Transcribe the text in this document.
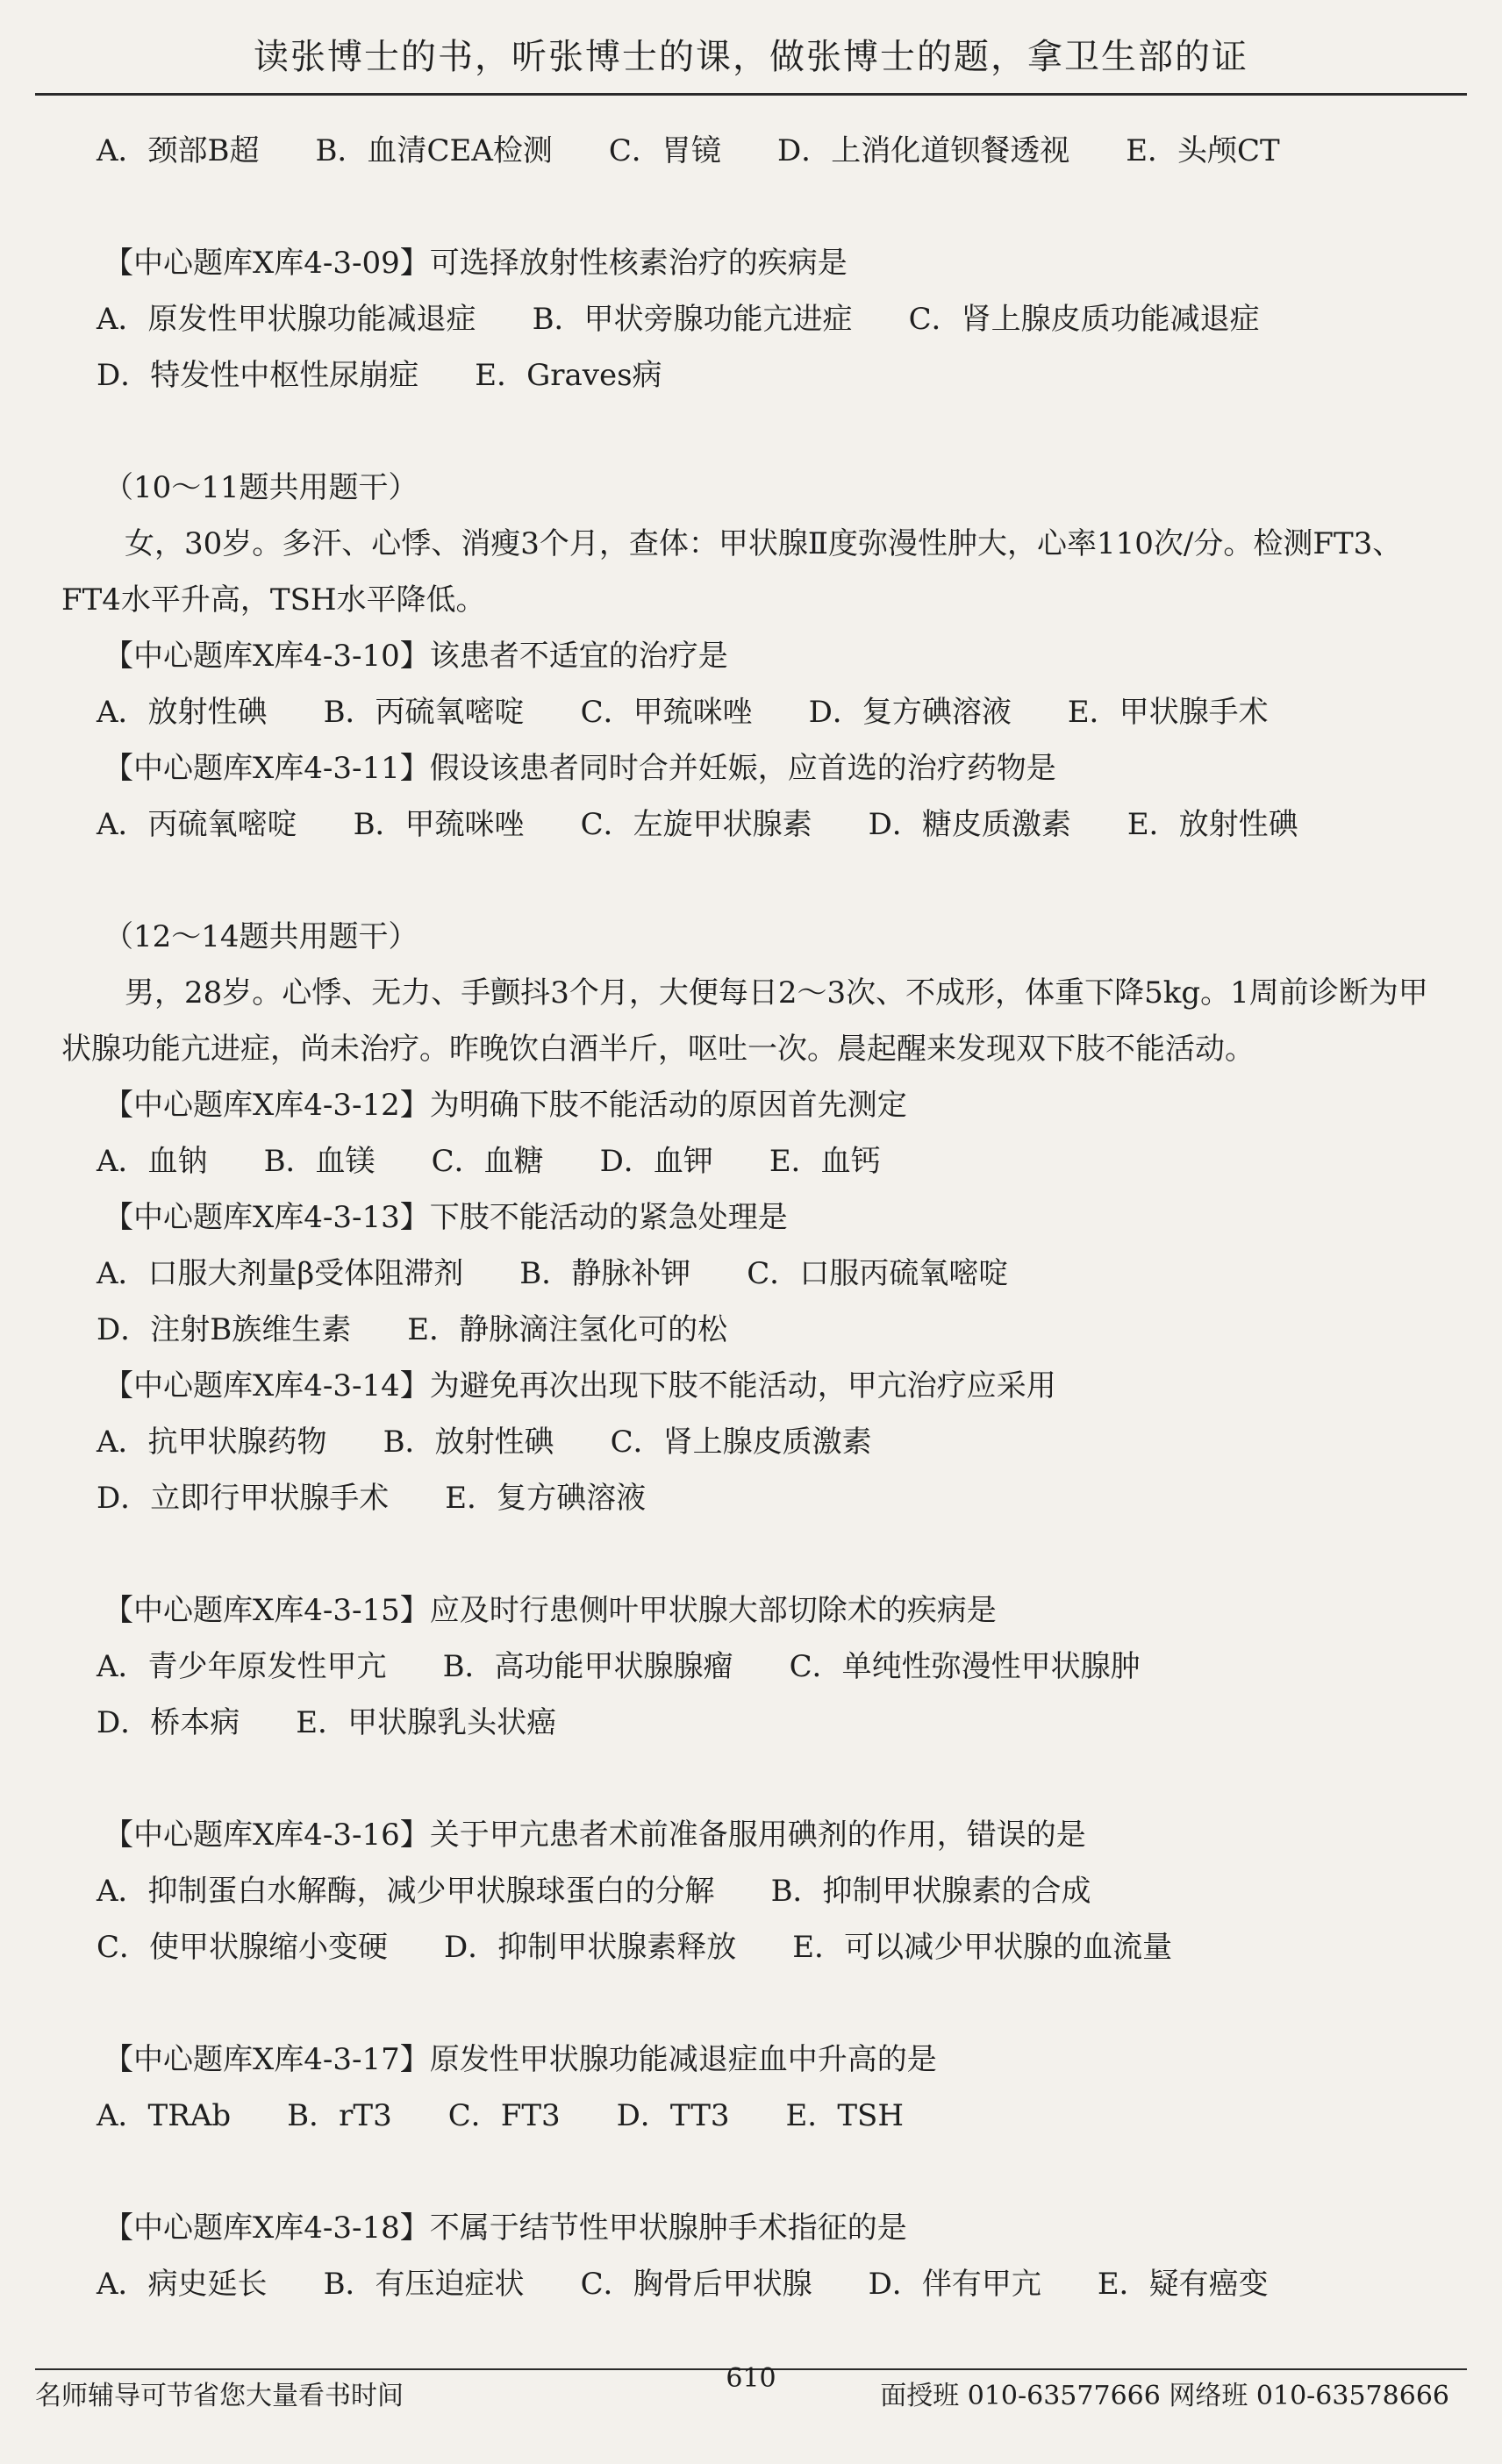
读张博士的书，听张博士的课，做张博士的题，拿卫生部的证
A．颈部B超 B．血清CEA检测 C．胃镜 D．上消化道钡餐透视 E．头颅CT
【中心题库X库4-3-09】可选择放射性核素治疗的疾病是
A．原发性甲状腺功能减退症 B．甲状旁腺功能亢进症 C．肾上腺皮质功能减退症
D．特发性中枢性尿崩症 E．Graves病
（10～11题共用题干）
女，30岁。多汗、心悸、消瘦3个月，查体：甲状腺Ⅱ度弥漫性肿大，心率110次/分。检测FT3、FT4水平升高，TSH水平降低。
【中心题库X库4-3-10】该患者不适宜的治疗是
A．放射性碘 B．丙硫氧嘧啶 C．甲巯咪唑 D．复方碘溶液 E．甲状腺手术
【中心题库X库4-3-11】假设该患者同时合并妊娠，应首选的治疗药物是
A．丙硫氧嘧啶 B．甲巯咪唑 C．左旋甲状腺素 D．糖皮质激素 E．放射性碘
（12～14题共用题干）
男，28岁。心悸、无力、手颤抖3个月，大便每日2～3次、不成形，体重下降5kg。1周前诊断为甲状腺功能亢进症，尚未治疗。昨晚饮白酒半斤，呕吐一次。晨起醒来发现双下肢不能活动。
【中心题库X库4-3-12】为明确下肢不能活动的原因首先测定
A．血钠 B．血镁 C．血糖 D．血钾 E．血钙
【中心题库X库4-3-13】下肢不能活动的紧急处理是
A．口服大剂量β受体阻滞剂 B．静脉补钾 C．口服丙硫氧嘧啶
D．注射B族维生素 E．静脉滴注氢化可的松
【中心题库X库4-3-14】为避免再次出现下肢不能活动，甲亢治疗应采用
A．抗甲状腺药物 B．放射性碘 C．肾上腺皮质激素
D．立即行甲状腺手术 E．复方碘溶液
【中心题库X库4-3-15】应及时行患侧叶甲状腺大部切除术的疾病是
A．青少年原发性甲亢 B．高功能甲状腺腺瘤 C．单纯性弥漫性甲状腺肿
D．桥本病 E．甲状腺乳头状癌
【中心题库X库4-3-16】关于甲亢患者术前准备服用碘剂的作用，错误的是
A．抑制蛋白水解酶，减少甲状腺球蛋白的分解 B．抑制甲状腺素的合成
C．使甲状腺缩小变硬 D．抑制甲状腺素释放 E．可以减少甲状腺的血流量
【中心题库X库4-3-17】原发性甲状腺功能减退症血中升高的是
A．TRAb B．rT3 C．FT3 D．TT3 E．TSH
【中心题库X库4-3-18】不属于结节性甲状腺肿手术指征的是
A．病史延长 B．有压迫症状 C．胸骨后甲状腺 D．伴有甲亢 E．疑有癌变
名师辅导可节省您大量看书时间
610
面授班 010-63577666 网络班 010-63578666
